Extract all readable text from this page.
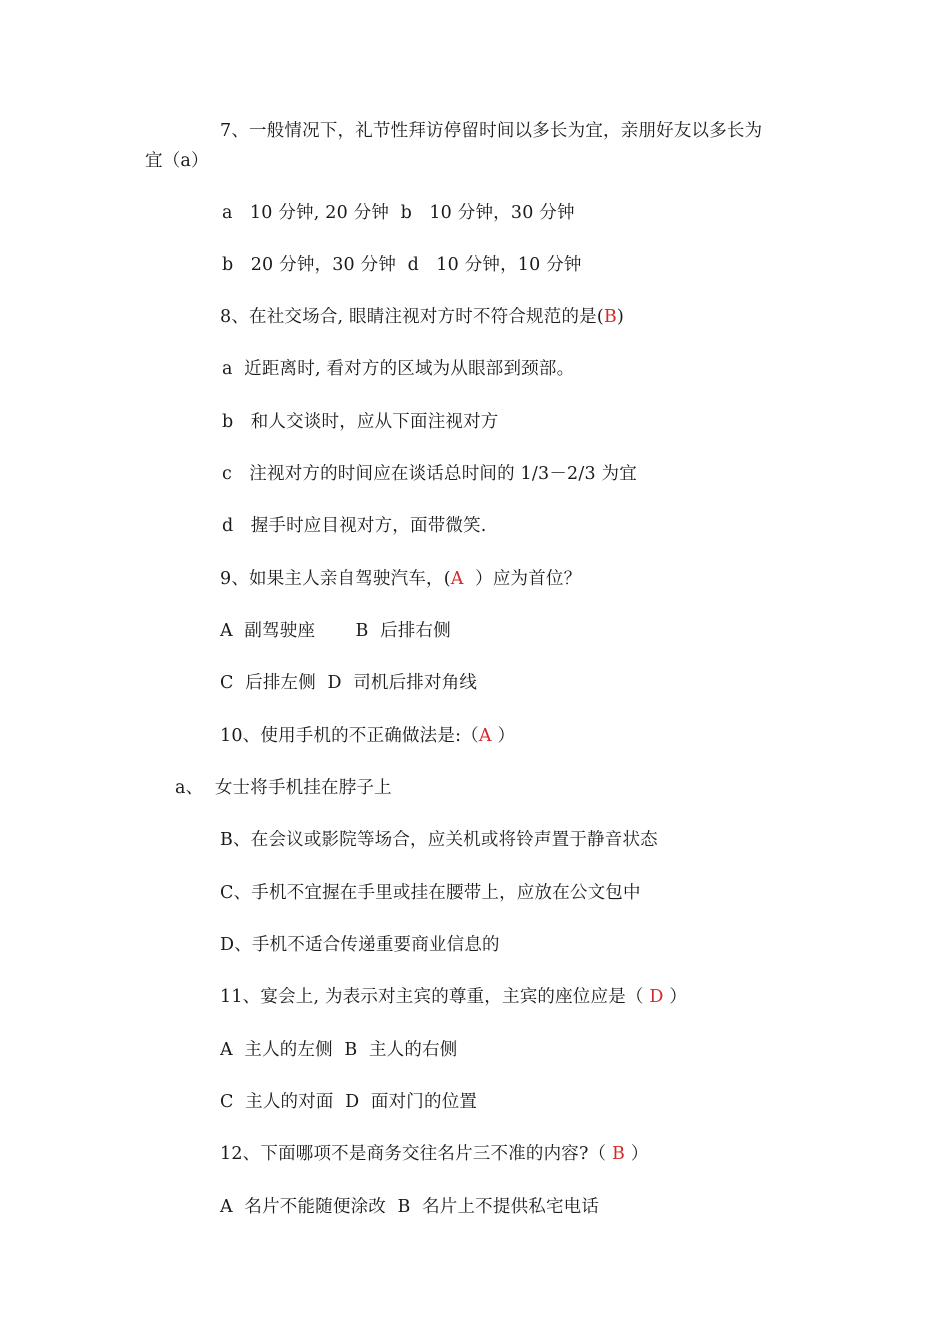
7、一般情况下，礼节性拜访停留时间以多长为宜，亲朋好友以多长为
宜（a）
a   10 分钟, 20 分钟  b   10 分钟，30 分钟
b   20 分钟，30 分钟  d   10 分钟，10 分钟
8、在社交场合, 眼睛注视对方时不符合规范的是(B)
a  近距离时, 看对方的区域为从眼部到颈部。
b   和人交谈时，应从下面注视对方
c   注视对方的时间应在谈话总时间的 1/3－2/3 为宜
d   握手时应目视对方，面带微笑.
9、如果主人亲自驾驶汽车，(A  ）应为首位？
A  副驾驶座       B  后排右侧
C  后排左侧  D  司机后排对角线
10、使用手机的不正确做法是:（A ）
a、  女士将手机挂在脖子上
B、在会议或影院等场合，应关机或将铃声置于静音状态
C、手机不宜握在手里或挂在腰带上，应放在公文包中
D、手机不适合传递重要商业信息的
11、宴会上, 为表示对主宾的尊重，主宾的座位应是（ D ）
A  主人的左侧  B  主人的右侧
C  主人的对面  D  面对门的位置
12、下面哪项不是商务交往名片三不准的内容?（ B ）
A  名片不能随便涂改  B  名片上不提供私宅电话
